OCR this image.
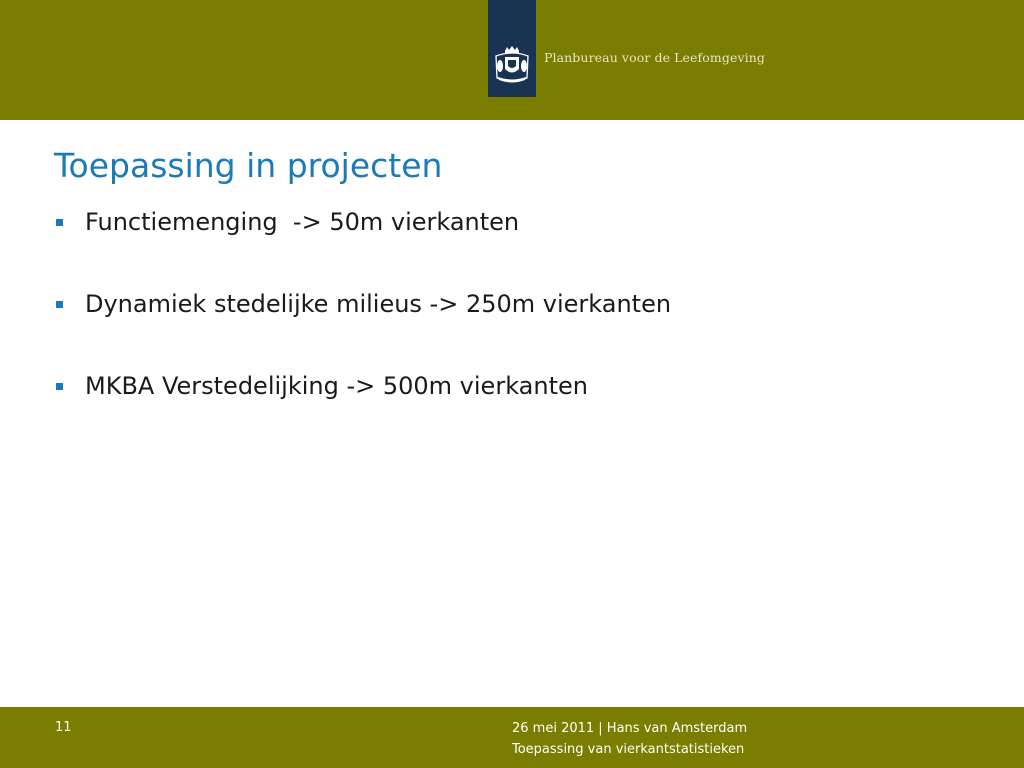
Planbureau voor de Leefomgeving
Toepassing in projecten
Functiemenging  -> 50m vierkanten
Dynamiek stedelijke milieus -> 250m vierkanten
MKBA Verstedelijking -> 500m vierkanten
11	26 mei 2011 | Hans van Amsterdam
Toepassing van vierkantstatistieken
